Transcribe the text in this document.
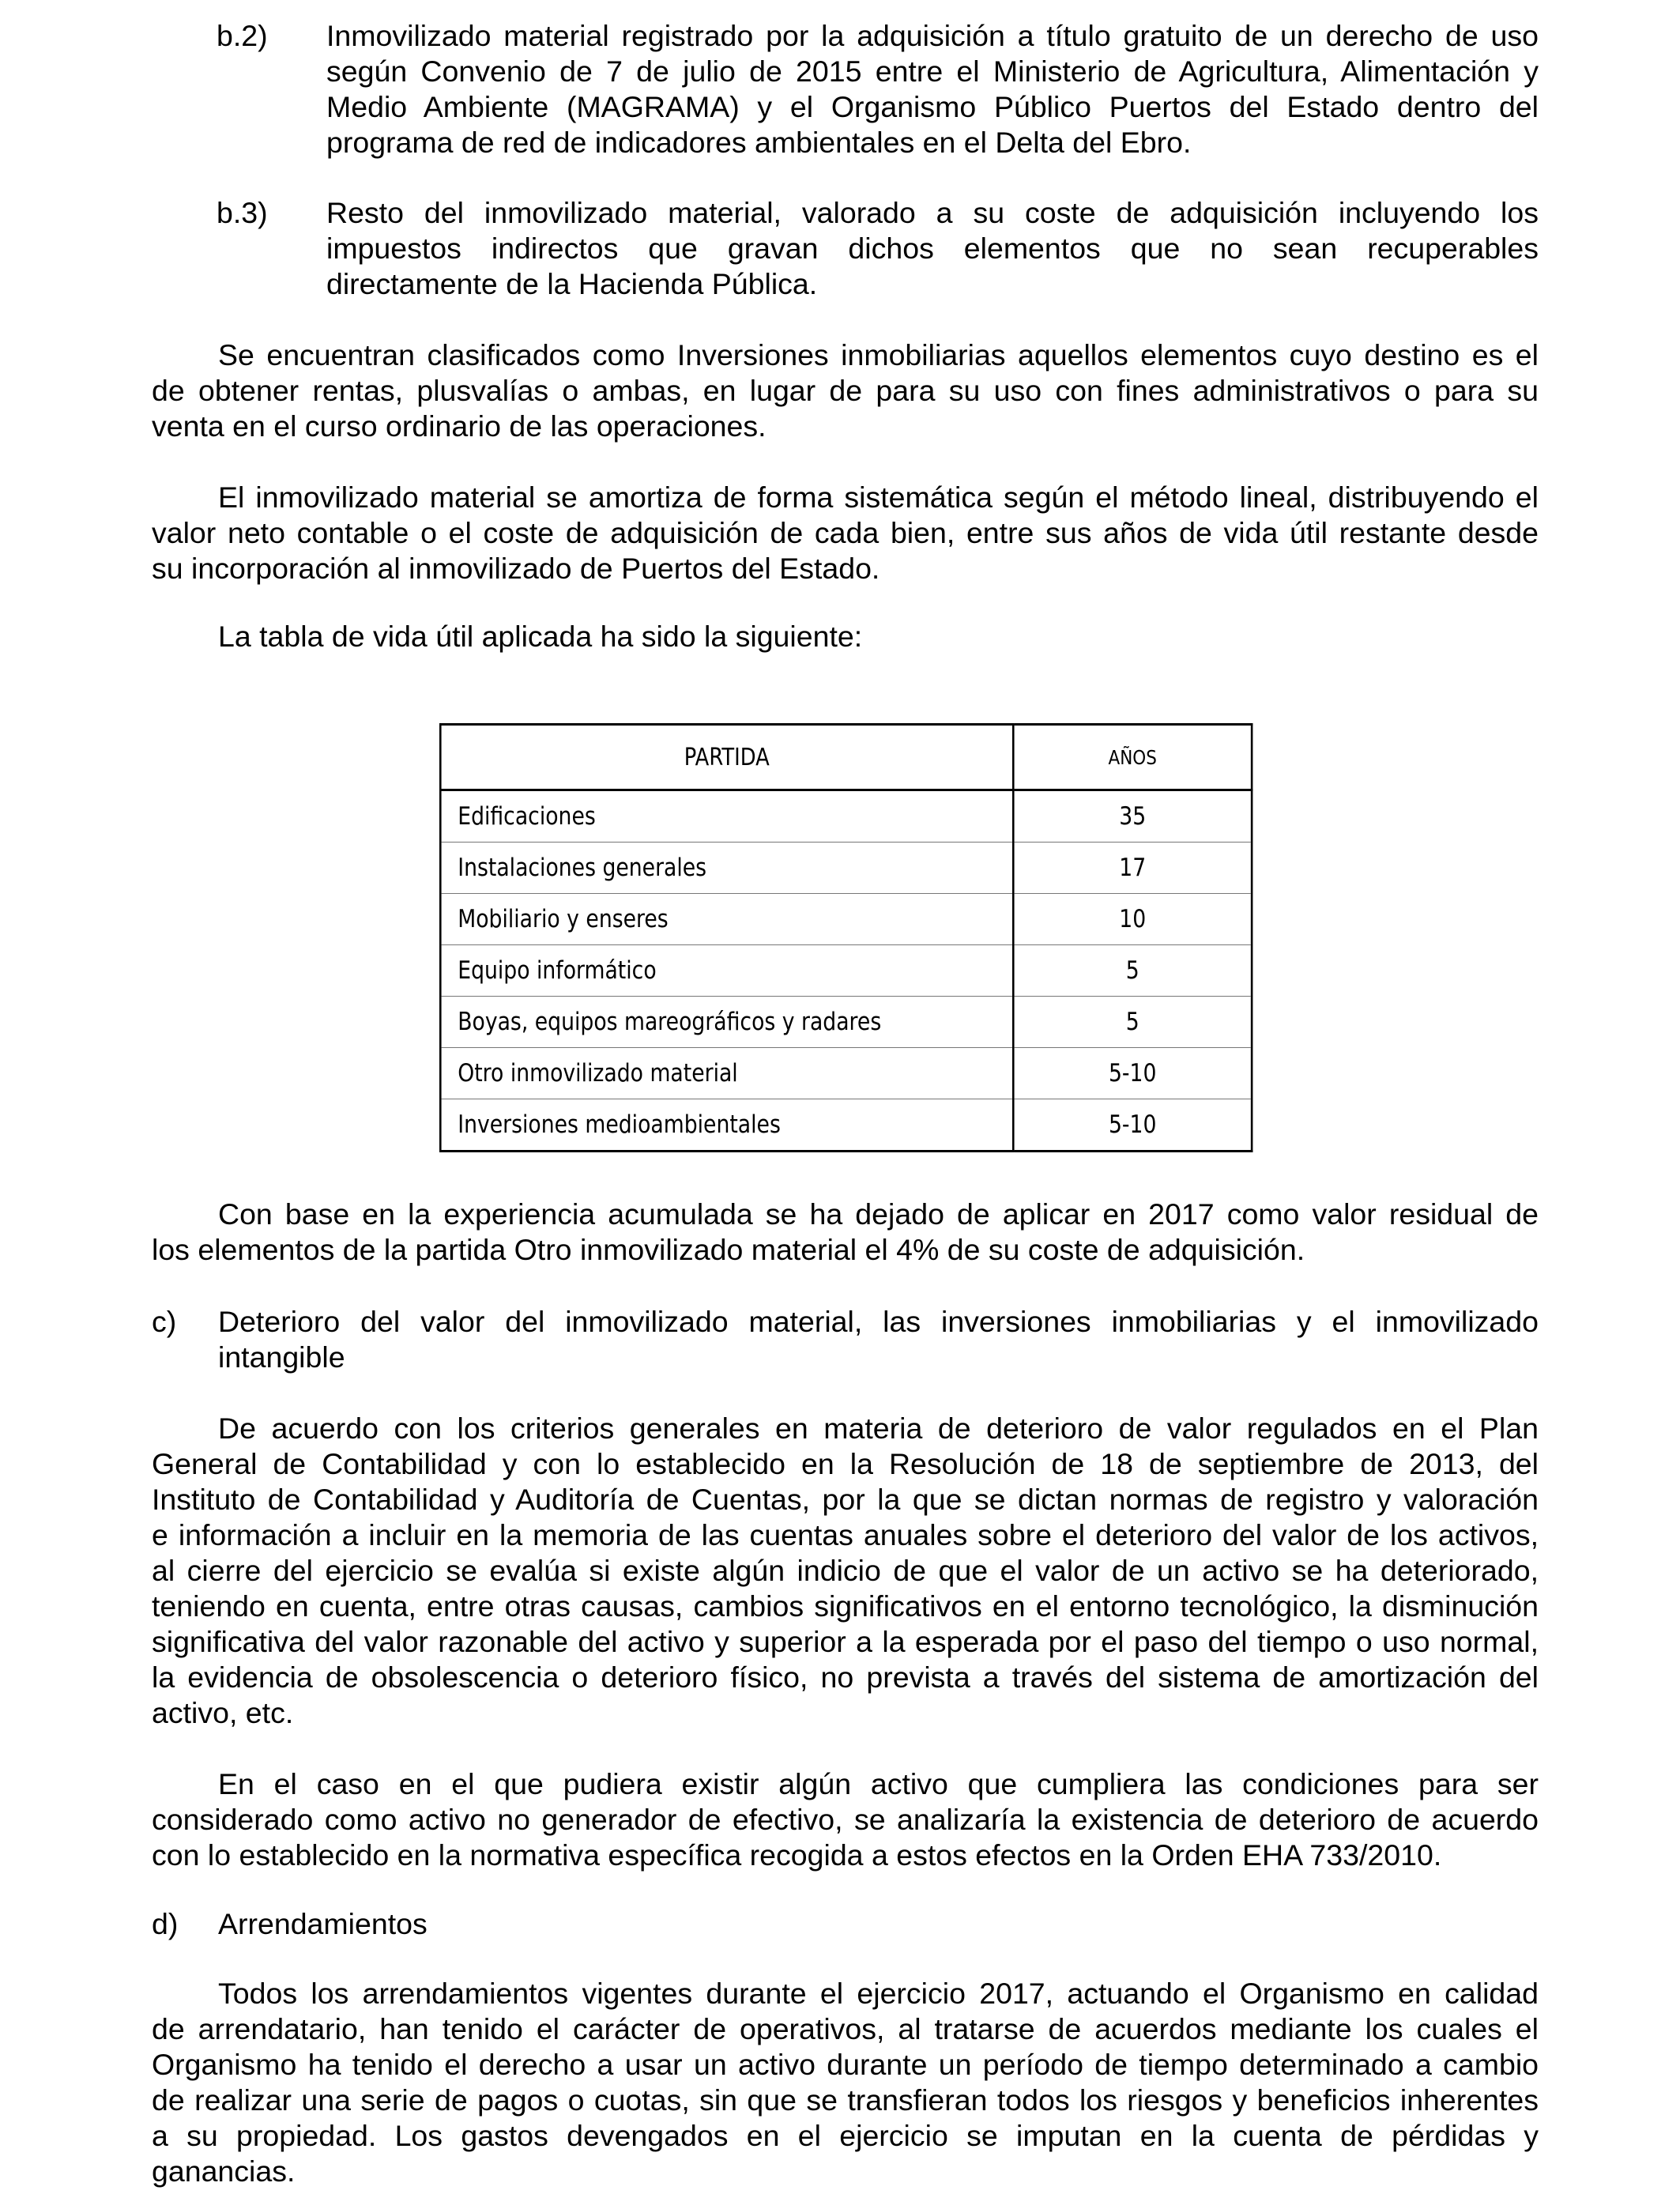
b.2) Inmovilizado material registrado por la adquisición a título gratuito de un derecho de uso
según Convenio de 7 de julio de 2015 entre el Ministerio de Agricultura, Alimentación y
Medio Ambiente (MAGRAMA) y el Organismo Público Puertos del Estado dentro del
programa de red de indicadores ambientales en el Delta del Ebro.
b.3) Resto del inmovilizado material, valorado a su coste de adquisición incluyendo los
impuestos indirectos que gravan dichos elementos que no sean recuperables
directamente de la Hacienda Pública.
Se encuentran clasificados como Inversiones inmobiliarias aquellos elementos cuyo destino es el
de obtener rentas, plusvalías o ambas, en lugar de para su uso con fines administrativos o para su
venta en el curso ordinario de las operaciones.
El inmovilizado material se amortiza de forma sistemática según el método lineal, distribuyendo el
valor neto contable o el coste de adquisición de cada bien, entre sus años de vida útil restante desde
su incorporación al inmovilizado de Puertos del Estado.
La tabla de vida útil aplicada ha sido la siguiente:
PARTIDA	AÑOS
Edificaciones	35
Instalaciones generales	17
Mobiliario y enseres	10
Equipo informático	5
Boyas, equipos mareográficos y radares	5
Otro inmovilizado material	5-10
Inversiones medioambientales	5-10
Con base en la experiencia acumulada se ha dejado de aplicar en 2017 como valor residual de
los elementos de la partida Otro inmovilizado material el 4% de su coste de adquisición.
c) Deterioro del valor del inmovilizado material, las inversiones inmobiliarias y el inmovilizado
intangible
De acuerdo con los criterios generales en materia de deterioro de valor regulados en el Plan
General de Contabilidad y con lo establecido en la Resolución de 18 de septiembre de 2013, del
Instituto de Contabilidad y Auditoría de Cuentas, por la que se dictan normas de registro y valoración
e información a incluir en la memoria de las cuentas anuales sobre el deterioro del valor de los activos,
al cierre del ejercicio se evalúa si existe algún indicio de que el valor de un activo se ha deteriorado,
teniendo en cuenta, entre otras causas, cambios significativos en el entorno tecnológico, la disminución
significativa del valor razonable del activo y superior a la esperada por el paso del tiempo o uso normal,
la evidencia de obsolescencia o deterioro físico, no prevista a través del sistema de amortización del
activo, etc.
En el caso en el que pudiera existir algún activo que cumpliera las condiciones para ser
considerado como activo no generador de efectivo, se analizaría la existencia de deterioro de acuerdo
con lo establecido en la normativa específica recogida a estos efectos en la Orden EHA 733/2010.
d) Arrendamientos
Todos los arrendamientos vigentes durante el ejercicio 2017, actuando el Organismo en calidad
de arrendatario, han tenido el carácter de operativos, al tratarse de acuerdos mediante los cuales el
Organismo ha tenido el derecho a usar un activo durante un período de tiempo determinado a cambio
de realizar una serie de pagos o cuotas, sin que se transfieran todos los riesgos y beneficios inherentes
a su propiedad. Los gastos devengados en el ejercicio se imputan en la cuenta de pérdidas y
ganancias.
